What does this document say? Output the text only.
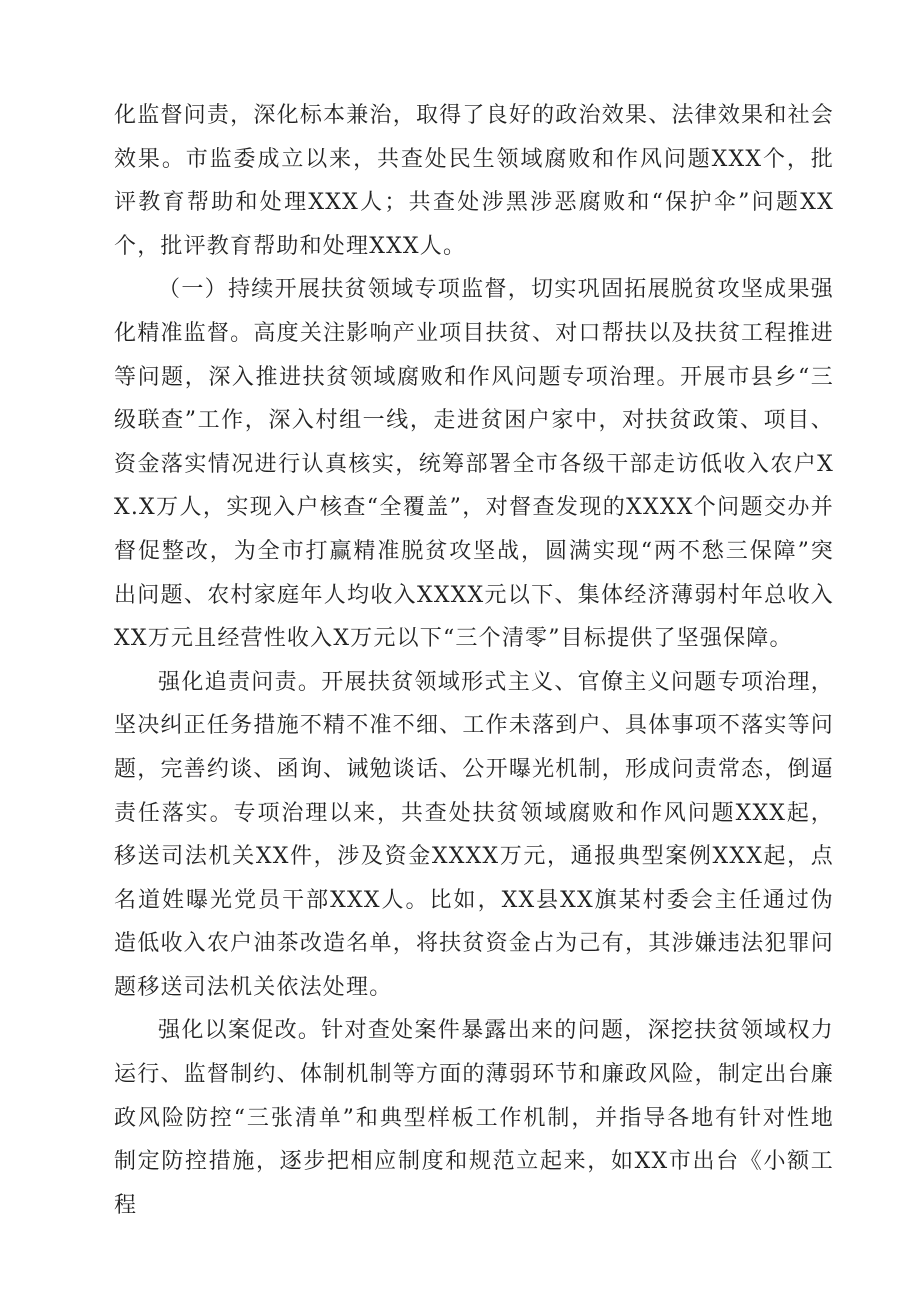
化监督问责，深化标本兼治，取得了良好的政治效果、法律效果和社会效果。市监委成立以来，共查处民生领域腐败和作风问题XXX个，批评教育帮助和处理XXX人；共查处涉黑涉恶腐败和“保护伞”问题XX个，批评教育帮助和处理XXX人。

（一）持续开展扶贫领域专项监督，切实巩固拓展脱贫攻坚成果强化精准监督。高度关注影响产业项目扶贫、对口帮扶以及扶贫工程推进等问题，深入推进扶贫领域腐败和作风问题专项治理。开展市县乡“三级联查”工作，深入村组一线，走进贫困户家中，对扶贫政策、项目、资金落实情况进行认真核实，统筹部署全市各级干部走访低收入农户XX.X万人，实现入户核查“全覆盖”，对督查发现的XXXX个问题交办并督促整改，为全市打赢精准脱贫攻坚战，圆满实现“两不愁三保障”突出问题、农村家庭年人均收入XXXX元以下、集体经济薄弱村年总收入XX万元且经营性收入X万元以下“三个清零”目标提供了坚强保障。

强化追责问责。开展扶贫领域形式主义、官僚主义问题专项治理，坚决纠正任务措施不精不准不细、工作未落到户、具体事项不落实等问题，完善约谈、函询、诫勉谈话、公开曝光机制，形成问责常态，倒逼责任落实。专项治理以来，共查处扶贫领域腐败和作风问题XXX起，移送司法机关XX件，涉及资金XXXX万元，通报典型案例XXX起，点名道姓曝光党员干部XXX人。比如，XX县XX旗某村委会主任通过伪造低收入农户油茶改造名单，将扶贫资金占为己有，其涉嫌违法犯罪问题移送司法机关依法处理。

强化以案促改。针对查处案件暴露出来的问题，深挖扶贫领域权力运行、监督制约、体制机制等方面的薄弱环节和廉政风险，制定出台廉政风险防控“三张清单”和典型样板工作机制，并指导各地有针对性地制定防控措施，逐步把相应制度和规范立起来，如XX市出台《小额工程
